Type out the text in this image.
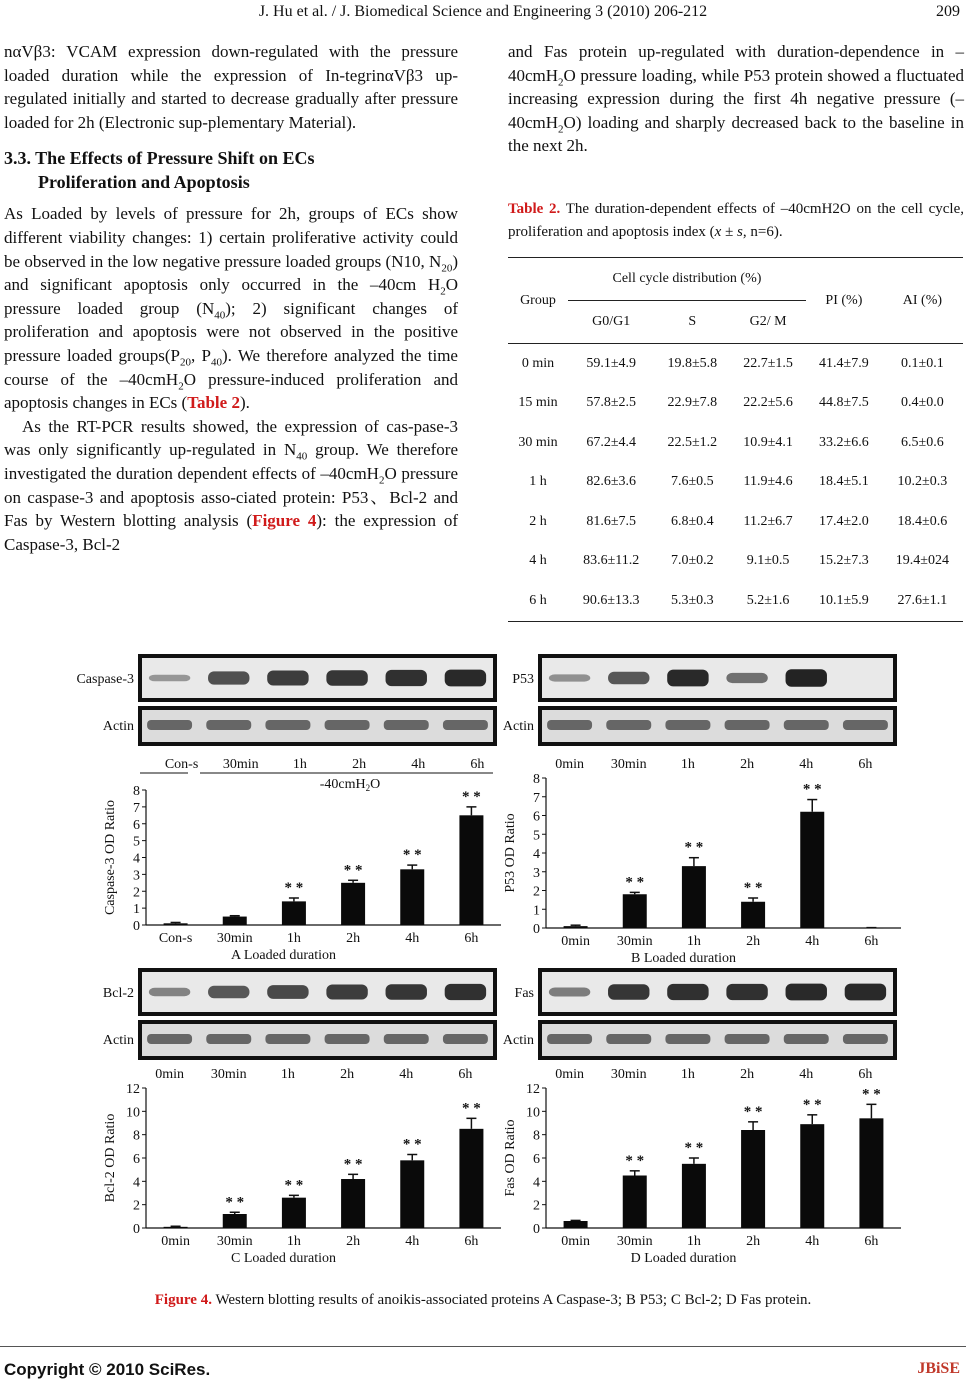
J. Hu et al. / J. Biomedical Science and Engineering 3 (2010) 206-212	209

nαVβ3: VCAM expression down-regulated with the pressure loaded duration while the expression of In-tegrinαVβ3 up-regulated initially and started to decrease gradually after pressure loaded for 2h (Electronic sup-plementary Material).

3.3. The Effects of Pressure Shift on ECs
Proliferation and Apoptosis

As Loaded by levels of pressure for 2h, groups of ECs show different viability changes: 1) certain proliferative activity could be observed in the low negative pressure loaded groups (N10, $N_{20}$) and significant apoptosis only occurred in the –40cm $H_2O$ pressure loaded group $(N_{40})$; 2) significant changes of proliferation and apoptosis were not observed in the positive pressure loaded $groups(P_{20}$, $P_{40}$). We therefore analyzed the time course of the –40cmH$_2$O pressure-induced proliferation and apoptosis changes in ECs (Table 2).

As the RT-PCR results showed, the expression of cas-pase-3 was only significantly up-regulated in $N_{40}$ group. We therefore investigated the duration dependent effects of –40cmH$_2$O pressure on caspase-3 and apoptosis asso-ciated protein: P53、Bcl-2 and Fas by Western blotting analysis (Figure 4): the expression of Caspase-3, Bcl-2

and Fas protein up-regulated with duration-dependence in –40cmH$_2$O pressure loading, while P53 protein showed a fluctuated increasing expression during the first 4h negative pressure (–40cmH$_2$O) loading and sharply decreased back to the baseline in the next 2h.

Table 2. The duration-dependent effects of –40cmH2O on the cell cycle, proliferation and apoptosis index (x ± s, n=6).
Group	Cell cycle distribution (%)			PI (%)	AI (%)
	G0/G1	S	G2/ M		
0 min	59.1±4.9	19.8±5.8	22.7±1.5	41.4±7.9	0.1±0.1
15 min	57.8±2.5	22.9±7.8	22.2±5.6	44.8±7.5	0.4±0.0
30 min	67.2±4.4	22.5±1.2	10.9±4.1	33.2±6.6	6.5±0.6
1 h	82.6±3.6	7.6±0.5	11.9±4.6	18.4±5.1	10.2±0.3
2 h	81.6±7.5	6.8±0.4	11.2±6.7	17.4±2.0	18.4±0.6
4 h	83.6±11.2	7.0±0.2	9.1±0.5	15.2±7.3	19.4±024
6 h	90.6±13.3	5.3±0.3	5.2±1.6	10.1±5.9	27.6±1.1
Caspase-3
Actin
Con-s 30min 1h	2h	4h	6h
P53
Actin
0min 30min 1h	2h	4h	6h
Bcl-2
Actin
0min 30min 1h	2h	4h	6h
Fas
Actin
0min 30min 1h	2h	4h	6h
-40cmH$_2$O
0
1
2
3
4
5
6
7
8
Con-s 30min
* *
1h
* *
2h
* *
4h
* *
6h
A Loaded duration
Caspase-3 OD Ratio
0
1
2
3
4
5
6
7
8
0min
* *
30min
* *
1h
* *
2h
* *
4h	6h
B Loaded duration
P53 OD Ratio
0
2
4
6
8
10
12
0min
* *
30min
* *
1h
* *
2h
* *
4h
* *
6h
C Loaded duration
Bcl-2 OD Ratio
0
2
4
6
8
10
12
0min
* *
30min
* *
1h
* *
2h
* *
4h
* *
6h
D Loaded duration
Fas OD Ratio
Figure 4. Western blotting results of anoikis-associated proteins A Caspase-3; B P53; C Bcl-2; D Fas protein.
Copyright © 2010 SciRes.	JBiSE
